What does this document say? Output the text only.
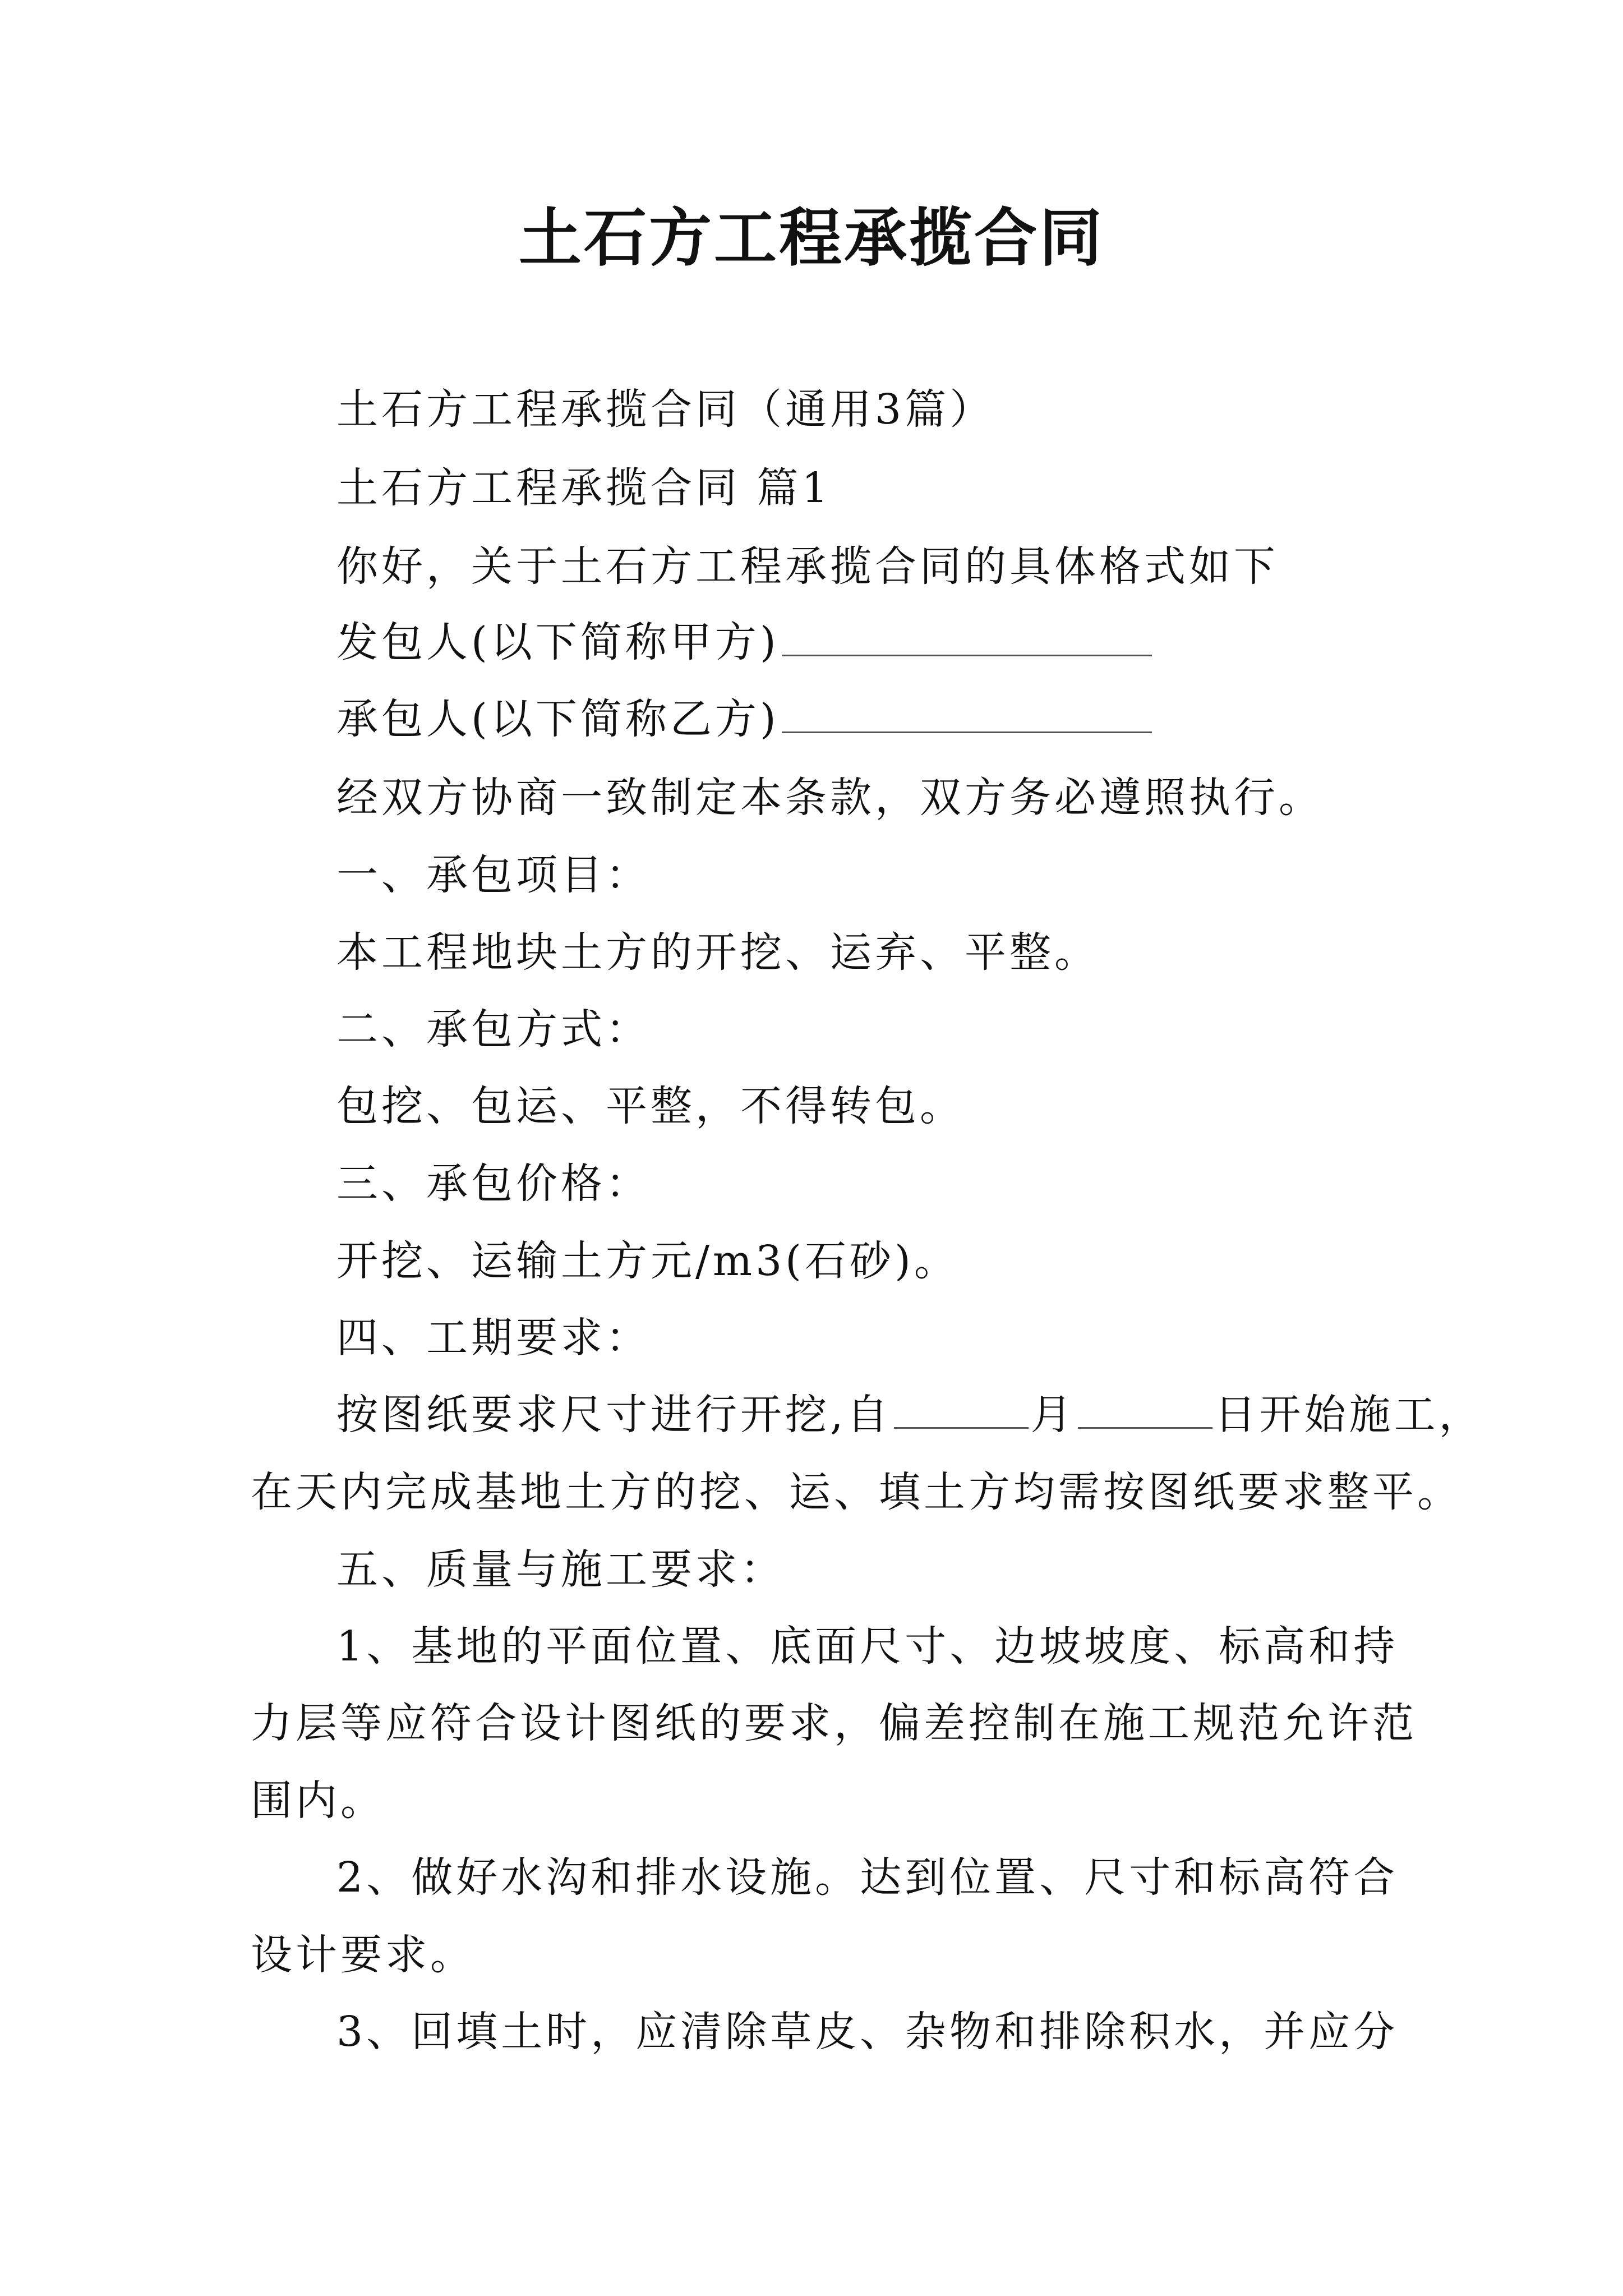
土石方工程承揽合同
土石方工程承揽合同（通用3篇）
土石方工程承揽合同 篇1
你好，关于土石方工程承揽合同的具体格式如下
发包人(以下简称甲方)
承包人(以下简称乙方)
经双方协商一致制定本条款，双方务必遵照执行。
一、承包项目：
本工程地块土方的开挖、运弃、平整。
二、承包方式：
包挖、包运、平整，不得转包。
三、承包价格：
开挖、运输土方元/m3(石砂)。
四、工期要求：
按图纸要求尺寸进行开挖,自	月	日开始施工，
在天内完成基地土方的挖、运、填土方均需按图纸要求整平。
五、质量与施工要求：
1、基地的平面位置、底面尺寸、边坡坡度、标高和持
力层等应符合设计图纸的要求，偏差控制在施工规范允许范
围内。
2、做好水沟和排水设施。达到位置、尺寸和标高符合
设计要求。
3、回填土时，应清除草皮、杂物和排除积水，并应分
